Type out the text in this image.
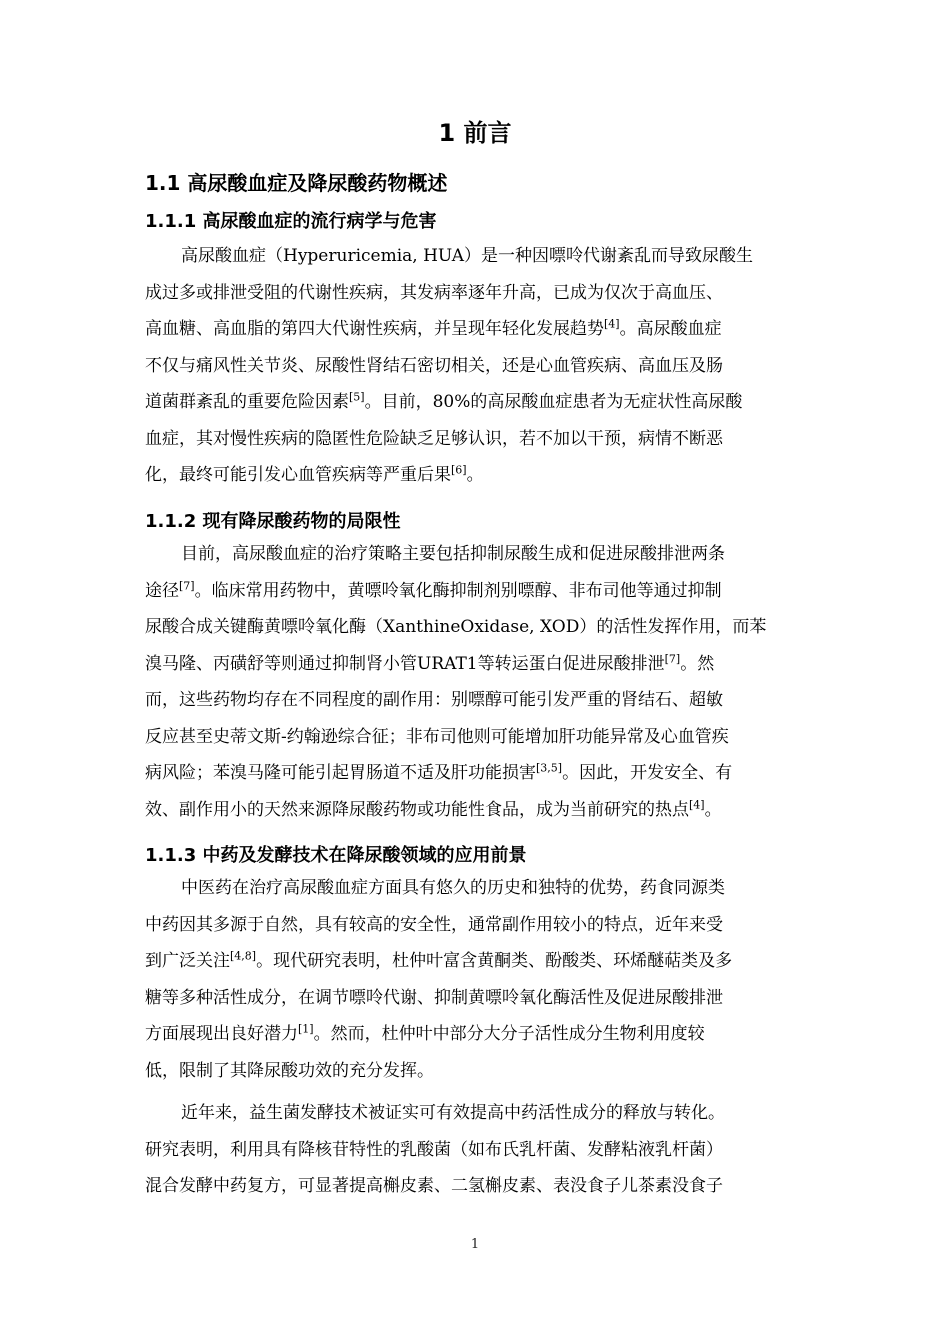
1 前言
1.1 高尿酸血症及降尿酸药物概述
1.1.1 高尿酸血症的流行病学与危害
高尿酸血症（Hyperuricemia, HUA）是一种因嘌呤代谢紊乱而导致尿酸生
成过多或排泄受阻的代谢性疾病，其发病率逐年升高，已成为仅次于高血压、
高血糖、高血脂的第四大代谢性疾病，并呈现年轻化发展趋势[4]。高尿酸血症
不仅与痛风性关节炎、尿酸性肾结石密切相关，还是心血管疾病、高血压及肠
道菌群紊乱的重要危险因素[5]。目前，80%的高尿酸血症患者为无症状性高尿酸
血症，其对慢性疾病的隐匿性危险缺乏足够认识，若不加以干预，病情不断恶
化，最终可能引发心血管疾病等严重后果[6]。
1.1.2 现有降尿酸药物的局限性
目前，高尿酸血症的治疗策略主要包括抑制尿酸生成和促进尿酸排泄两条
途径[7]。临床常用药物中，黄嘌呤氧化酶抑制剂别嘌醇、非布司他等通过抑制
尿酸合成关键酶黄嘌呤氧化酶（XanthineOxidase, XOD）的活性发挥作用，而苯
溴马隆、丙磺舒等则通过抑制肾小管URAT1等转运蛋白促进尿酸排泄[7]。然
而，这些药物均存在不同程度的副作用：别嘌醇可能引发严重的肾结石、超敏
反应甚至史蒂文斯-约翰逊综合征；非布司他则可能增加肝功能异常及心血管疾
病风险；苯溴马隆可能引起胃肠道不适及肝功能损害[3,5]。因此，开发安全、有
效、副作用小的天然来源降尿酸药物或功能性食品，成为当前研究的热点[4]。
1.1.3 中药及发酵技术在降尿酸领域的应用前景
中医药在治疗高尿酸血症方面具有悠久的历史和独特的优势，药食同源类
中药因其多源于自然，具有较高的安全性，通常副作用较小的特点，近年来受
到广泛关注[4,8]。现代研究表明，杜仲叶富含黄酮类、酚酸类、环烯醚萜类及多
糖等多种活性成分，在调节嘌呤代谢、抑制黄嘌呤氧化酶活性及促进尿酸排泄
方面展现出良好潜力[1]。然而，杜仲叶中部分大分子活性成分生物利用度较
低，限制了其降尿酸功效的充分发挥。
近年来，益生菌发酵技术被证实可有效提高中药活性成分的释放与转化。
研究表明，利用具有降核苷特性的乳酸菌（如布氏乳杆菌、发酵粘液乳杆菌）
混合发酵中药复方，可显著提高槲皮素、二氢槲皮素、表没食子儿茶素没食子
1
